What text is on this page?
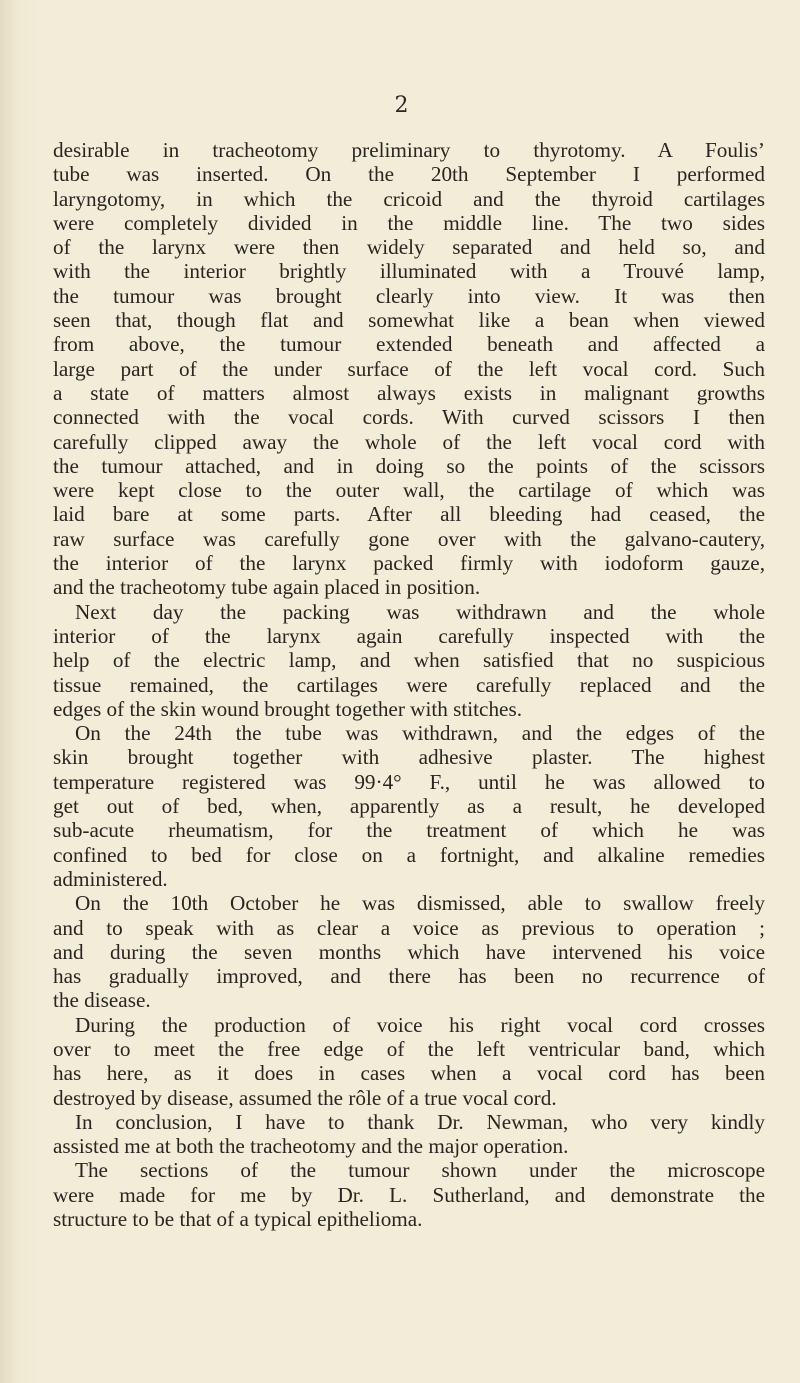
2
desirable in tracheotomy preliminary to thyrotomy. A Foulis’
tube was inserted. On the 20th September I performed
laryngotomy, in which the cricoid and the thyroid cartilages
were completely divided in the middle line. The two sides
of the larynx were then widely separated and held so, and
with the interior brightly illuminated with a Trouvé lamp,
the tumour was brought clearly into view. It was then
seen that, though flat and somewhat like a bean when viewed
from above, the tumour extended beneath and affected a
large part of the under surface of the left vocal cord. Such
a state of matters almost always exists in malignant growths
connected with the vocal cords. With curved scissors I then
carefully clipped away the whole of the left vocal cord with
the tumour attached, and in doing so the points of the scissors
were kept close to the outer wall, the cartilage of which was
laid bare at some parts. After all bleeding had ceased, the
raw surface was carefully gone over with the galvano-cautery,
the interior of the larynx packed firmly with iodoform gauze,
and the tracheotomy tube again placed in position.
Next day the packing was withdrawn and the whole
interior of the larynx again carefully inspected with the
help of the electric lamp, and when satisfied that no suspicious
tissue remained, the cartilages were carefully replaced and the
edges of the skin wound brought together with stitches.
On the 24th the tube was withdrawn, and the edges of the
skin brought together with adhesive plaster. The highest
temperature registered was 99·4° F., until he was allowed to
get out of bed, when, apparently as a result, he developed
sub-acute rheumatism, for the treatment of which he was
confined to bed for close on a fortnight, and alkaline remedies
administered.
On the 10th October he was dismissed, able to swallow freely
and to speak with as clear a voice as previous to operation ;
and during the seven months which have intervened his voice
has gradually improved, and there has been no recurrence of
the disease.
During the production of voice his right vocal cord crosses
over to meet the free edge of the left ventricular band, which
has here, as it does in cases when a vocal cord has been
destroyed by disease, assumed the rôle of a true vocal cord.
In conclusion, I have to thank Dr. Newman, who very kindly
assisted me at both the tracheotomy and the major operation.
The sections of the tumour shown under the microscope
were made for me by Dr. L. Sutherland, and demonstrate the
structure to be that of a typical epithelioma.
